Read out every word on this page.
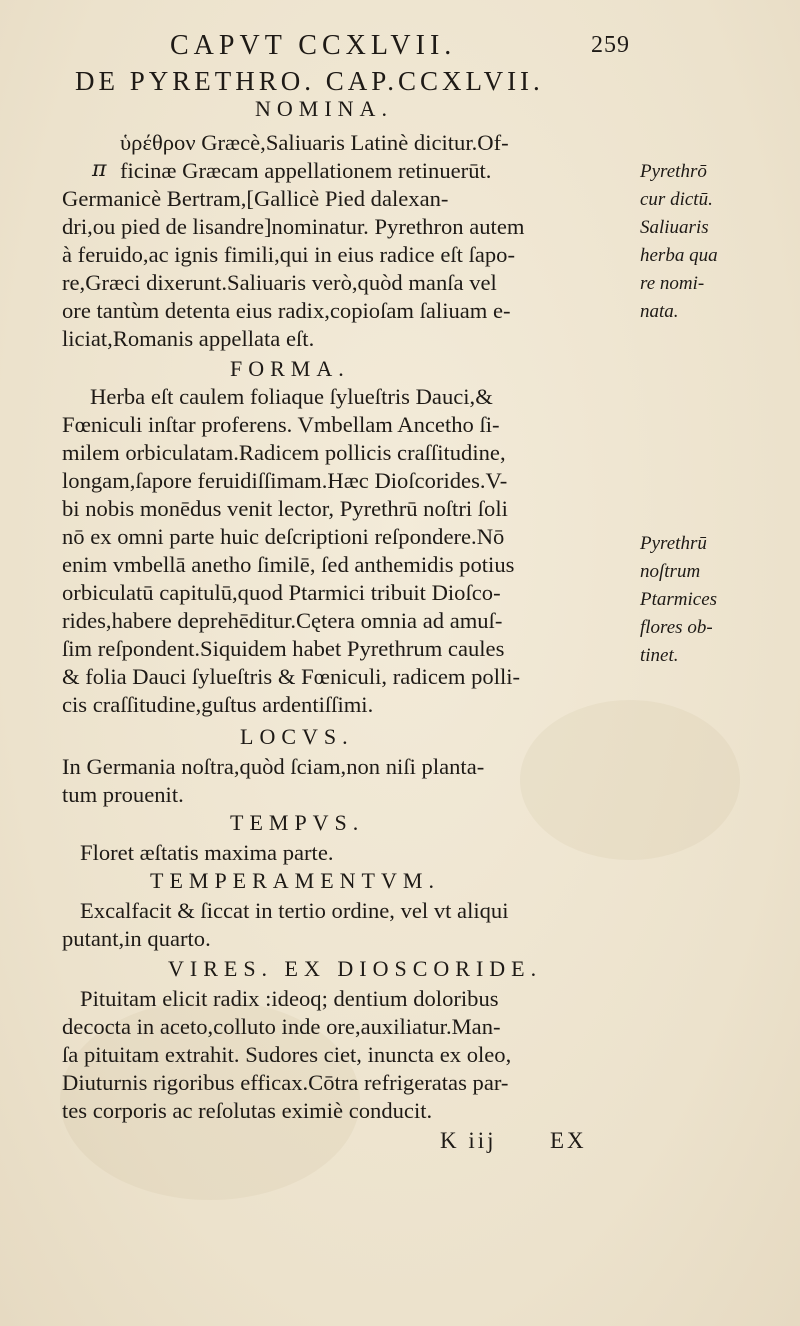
CAPVT CCXLVII.	259
DE PYRETHRO. CAP.CCXLVII.
NOMINA.
π
ὑρέθρον Græcè,Saliuaris Latinè dicitur.Of-
ficinæ Græcam appellationem retinuerūt.
Germanicè Bertram,[Gallicè Pied dalexan-
dri,ou pied de lisandre]nominatur. Pyrethron autem
à feruido,ac ignis fimili,qui in eius radice eſt ſapo-
re,Græci dixerunt.Saliuaris verò,quòd manſa vel
ore tantùm detenta eius radix,copioſam ſaliuam e-
liciat,Romanis appellata eſt.
Pyrethrō
cur dictū.
Saliuaris
herba qua
re nomi-
nata.
FORMA.
Herba eſt caulem foliaque ſylueſtris Dauci,&
Fœniculi inſtar proferens. Vmbellam Ancetho ſi-
milem orbiculatam.Radicem pollicis craſſitudine,
longam,ſapore feruidiſſimam.Hæc Dioſcorides.V-
bi nobis monēdus venit lector, Pyrethrū noſtri ſoli
nō ex omni parte huic deſcriptioni reſpondere.Nō
enim vmbellā anetho ſimilē, ſed anthemidis potius
orbiculatū capitulū,quod Ptarmici tribuit Dioſco-
rides,habere deprehēditur.Cętera omnia ad amuſ-
ſim reſpondent.Siquidem habet Pyrethrum caules
& folia Dauci ſylueſtris & Fœniculi, radicem polli-
cis craſſitudine,guſtus ardentiſſimi.
Pyrethrū
noſtrum
Ptarmices
flores ob-
tinet.
LOCVS.
In Germania noſtra,quòd ſciam,non niſi planta-
tum prouenit.
TEMPVS.
Floret æſtatis maxima parte.
TEMPERAMENTVM.
Excalfacit & ſiccat in tertio ordine, vel vt aliqui
putant,in quarto.
VIRES. EX DIOSCORIDE.
Pituitam elicit radix :ideoq; dentium doloribus
decocta in aceto,colluto inde ore,auxiliatur.Man-
ſa pituitam extrahit. Sudores ciet, inuncta ex oleo,
Diuturnis rigoribus efficax.Cōtra refrigeratas par-
tes corporis ac reſolutas eximiè conducit.
K iij EX
